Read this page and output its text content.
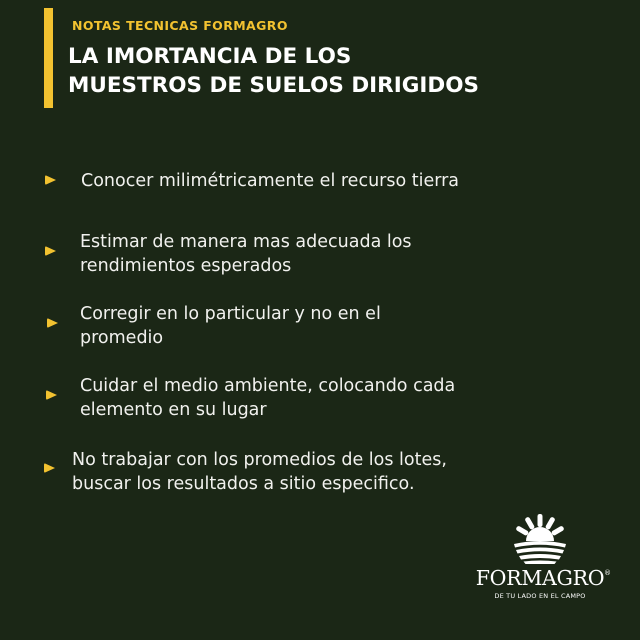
NOTAS TECNICAS FORMAGRO
LA IMORTANCIA DE LOS
MUESTROS DE SUELOS DIRIGIDOS
Conocer milimétricamente el recurso tierra
Estimar de manera mas adecuada los
rendimientos esperados
Corregir en lo particular y no en el
promedio
Cuidar el medio ambiente, colocando cada
elemento en su lugar
No trabajar con los promedios de los lotes,
buscar los resultados a sitio especifico.
FORMAGRO ®
DE TU LADO EN EL CAMPO
